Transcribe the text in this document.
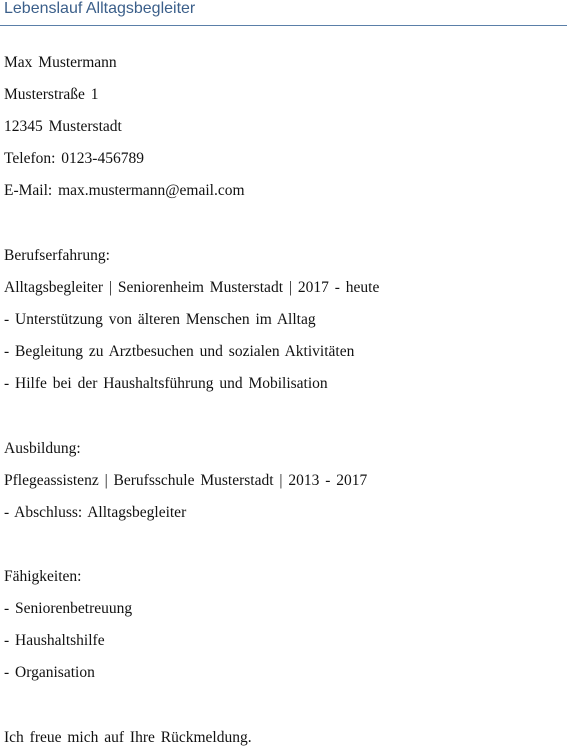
Lebenslauf Alltagsbegleiter
Max Mustermann
Musterstraße 1
12345 Musterstadt
Telefon: 0123-456789
E-Mail: max.mustermann@email.com
Berufserfahrung:
Alltagsbegleiter | Seniorenheim Musterstadt | 2017 - heute
- Unterstützung von älteren Menschen im Alltag
- Begleitung zu Arztbesuchen und sozialen Aktivitäten
- Hilfe bei der Haushaltsführung und Mobilisation
Ausbildung:
Pflegeassistenz | Berufsschule Musterstadt | 2013 - 2017
- Abschluss: Alltagsbegleiter
Fähigkeiten:
- Seniorenbetreuung
- Haushaltshilfe
- Organisation
Ich freue mich auf Ihre Rückmeldung.
